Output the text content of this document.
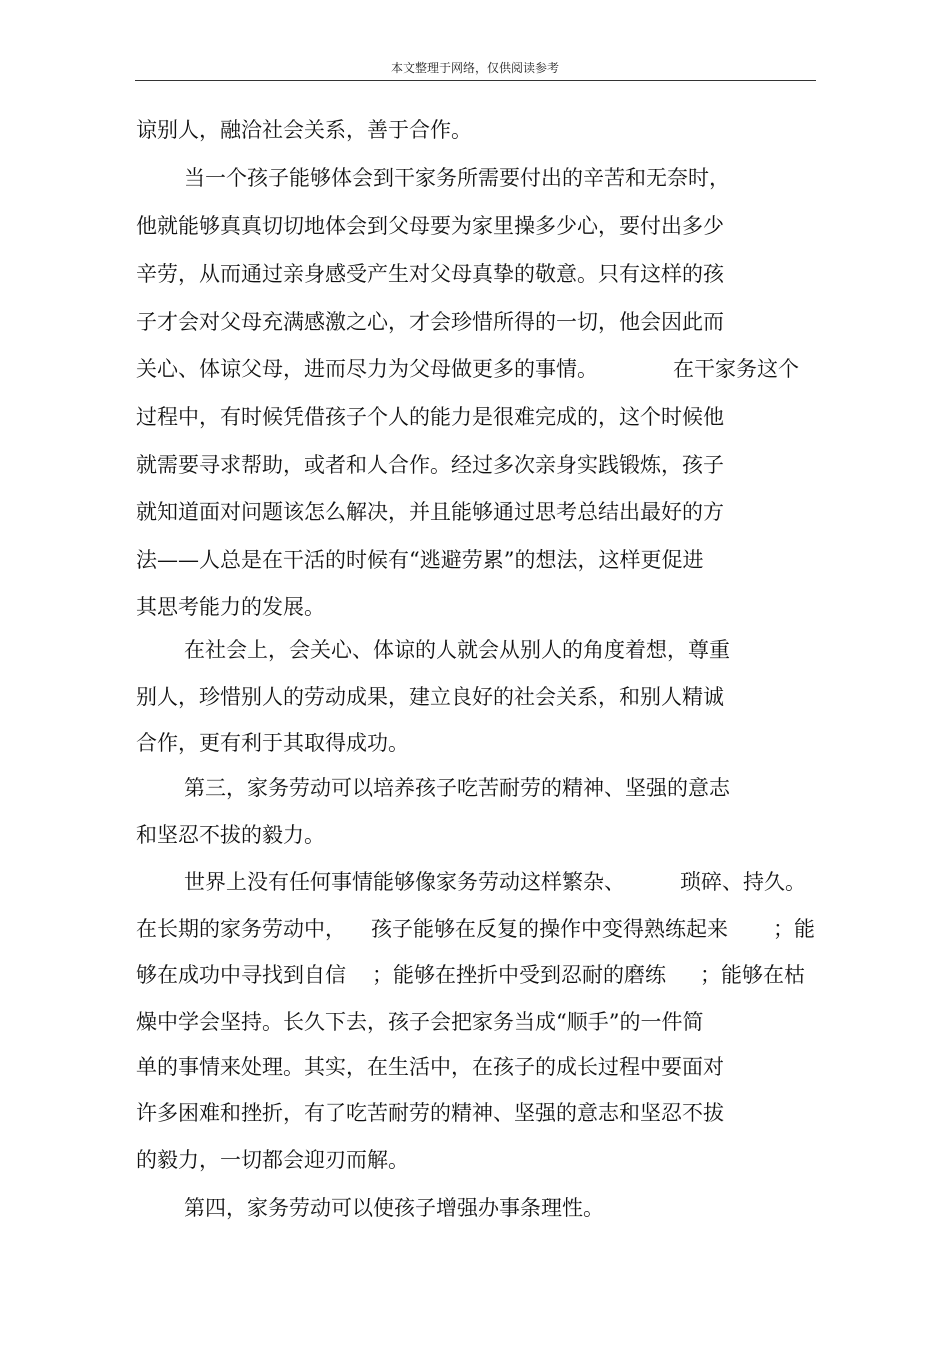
本文整理于网络，仅供阅读参考
谅别人，融洽社会关系，善于合作。
当一个孩子能够体会到干家务所需要付出的辛苦和无奈时，
他就能够真真切切地体会到父母要为家里操多少心，要付出多少
辛劳，从而通过亲身感受产生对父母真挚的敬意。只有这样的孩
子才会对父母充满感激之心，才会珍惜所得的一切，他会因此而
关心、体谅父母，进而尽力为父母做更多的事情。	在干家务这个
过程中，有时候凭借孩子个人的能力是很难完成的，这个时候他
就需要寻求帮助，或者和人合作。经过多次亲身实践锻炼，孩子
就知道面对问题该怎么解决，并且能够通过思考总结出最好的方
法——人总是在干活的时候有“逃避劳累”的想法，这样更促进
其思考能力的发展。
在社会上，会关心、体谅的人就会从别人的角度着想，尊重
别人，珍惜别人的劳动成果，建立良好的社会关系，和别人精诚
合作，更有利于其取得成功。
第三，家务劳动可以培养孩子吃苦耐劳的精神、坚强的意志
和坚忍不拔的毅力。
世界上没有任何事情能够像家务劳动这样繁杂、	琐碎、持久。
在长期的家务劳动中， 孩子能够在反复的操作中变得熟练起来 ；能
够在成功中寻找到自信 ；能够在挫折中受到忍耐的磨练 ；能够在枯
燥中学会坚持。长久下去，孩子会把家务当成“顺手”的一件简
单的事情来处理。其实，在生活中，在孩子的成长过程中要面对
许多困难和挫折，有了吃苦耐劳的精神、坚强的意志和坚忍不拔
的毅力，一切都会迎刃而解。
第四，家务劳动可以使孩子增强办事条理性。
